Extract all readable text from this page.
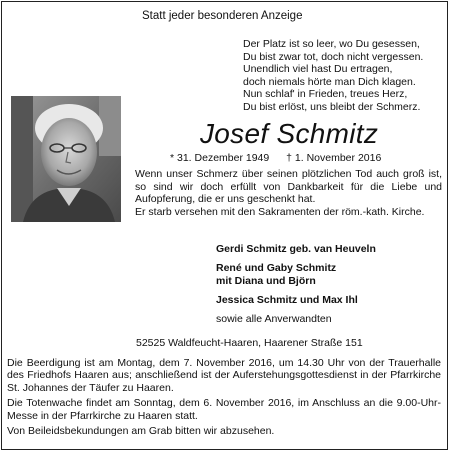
Statt jeder besonderen Anzeige
Der Platz ist so leer, wo Du gesessen,
Du bist zwar tot, doch nicht vergessen.
Unendlich viel hast Du ertragen,
doch niemals hörte man Dich klagen.
Nun schlaf' in Frieden, treues Herz,
Du bist erlöst, uns bleibt der Schmerz.
Josef Schmitz
* 31. Dezember 1949 † 1. November 2016

Wenn unser Schmerz über seinen plötzlichen Tod auch groß ist, so sind wir doch erfüllt von Dankbarkeit für die Liebe und Aufopferung, die er uns geschenkt hat.

Er starb versehen mit den Sakramenten der röm.-kath. Kirche.

Gerdi Schmitz geb. van Heuveln
René und Gaby Schmitz
mit Diana und Björn
Jessica Schmitz und Max Ihl
sowie alle Anverwandten
52525 Waldfeucht-Haaren, Haarener Straße 151

Die Beerdigung ist am Montag, dem 7. November 2016, um 14.30 Uhr von der Trauerhalle des Friedhofs Haaren aus; anschließend ist der Auferstehungsgottesdienst in der Pfarrkirche St. Johannes der Täufer zu Haaren.

Die Totenwache findet am Sonntag, dem 6. November 2016, im Anschluss an die 9.00-Uhr-Messe in der Pfarrkirche zu Haaren statt.

Von Beileidsbekundungen am Grab bitten wir abzusehen.
